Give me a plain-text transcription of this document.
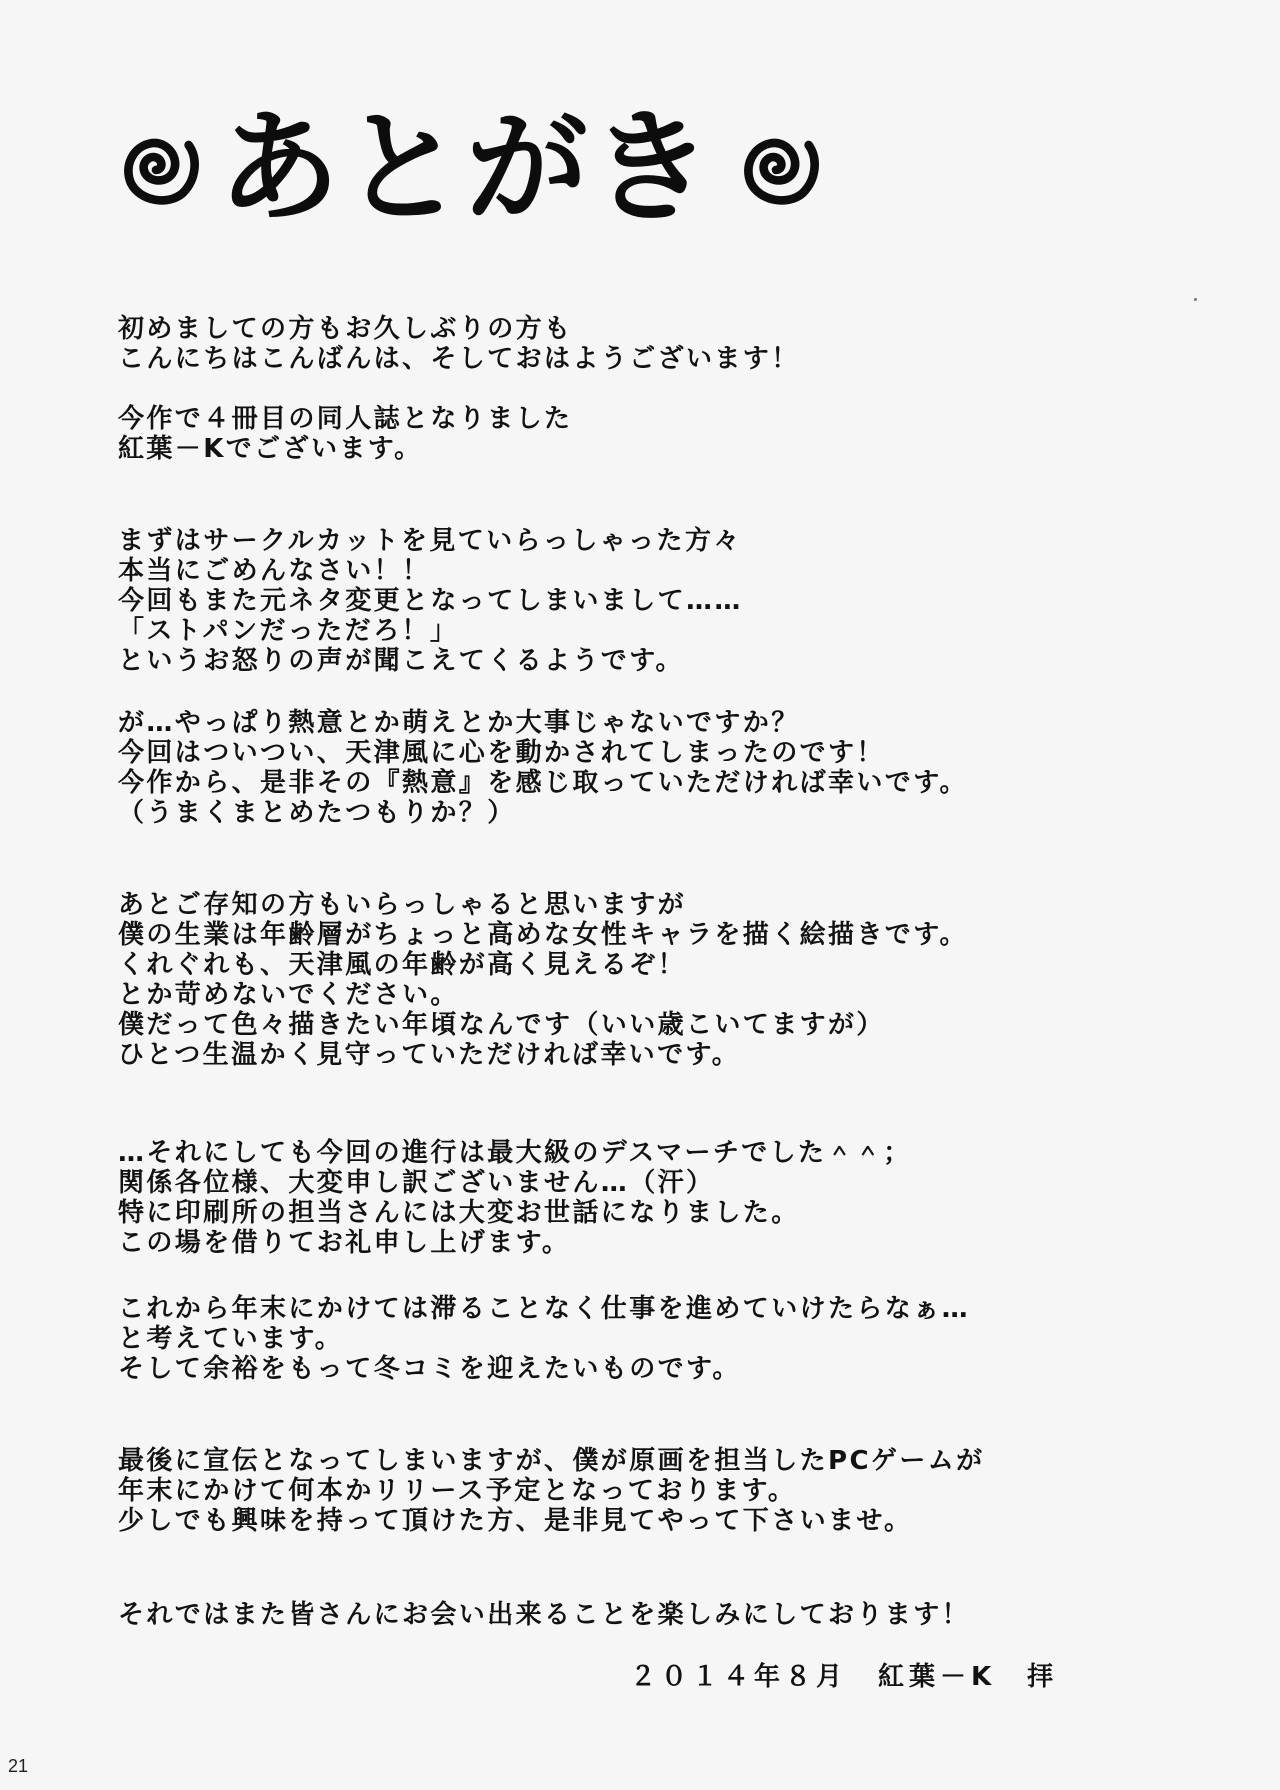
あとがき
初めましての方もお久しぶりの方も
こんにちはこんばんは、そしておはようございます！
今作で４冊目の同人誌となりました
紅葉－Kでございます。
まずはサークルカットを見ていらっしゃった方々
本当にごめんなさい！！
今回もまた元ネタ変更となってしまいまして……
「ストパンだっただろ！」
というお怒りの声が聞こえてくるようです。
が…やっぱり熱意とか萌えとか大事じゃないですか？
今回はついつい、天津風に心を動かされてしまったのです！
今作から、是非その『熱意』を感じ取っていただければ幸いです。
（うまくまとめたつもりか？）
あとご存知の方もいらっしゃると思いますが
僕の生業は年齢層がちょっと高めな女性キャラを描く絵描きです。
くれぐれも、天津風の年齢が高く見えるぞ！
とか苛めないでください。
僕だって色々描きたい年頃なんです（いい歳こいてますが）
ひとつ生温かく見守っていただければ幸いです。
…それにしても今回の進行は最大級のデスマーチでした＾＾；
関係各位様、大変申し訳ございません…（汗）
特に印刷所の担当さんには大変お世話になりました。
この場を借りてお礼申し上げます。
これから年末にかけては滞ることなく仕事を進めていけたらなぁ…
と考えています。
そして余裕をもって冬コミを迎えたいものです。
最後に宣伝となってしまいますが、僕が原画を担当したPCゲームが
年末にかけて何本かリリース予定となっております。
少しでも興味を持って頂けた方、是非見てやって下さいませ。
それではまた皆さんにお会い出来ることを楽しみにしております！
２０１４年８月　紅葉－K　拝
21
